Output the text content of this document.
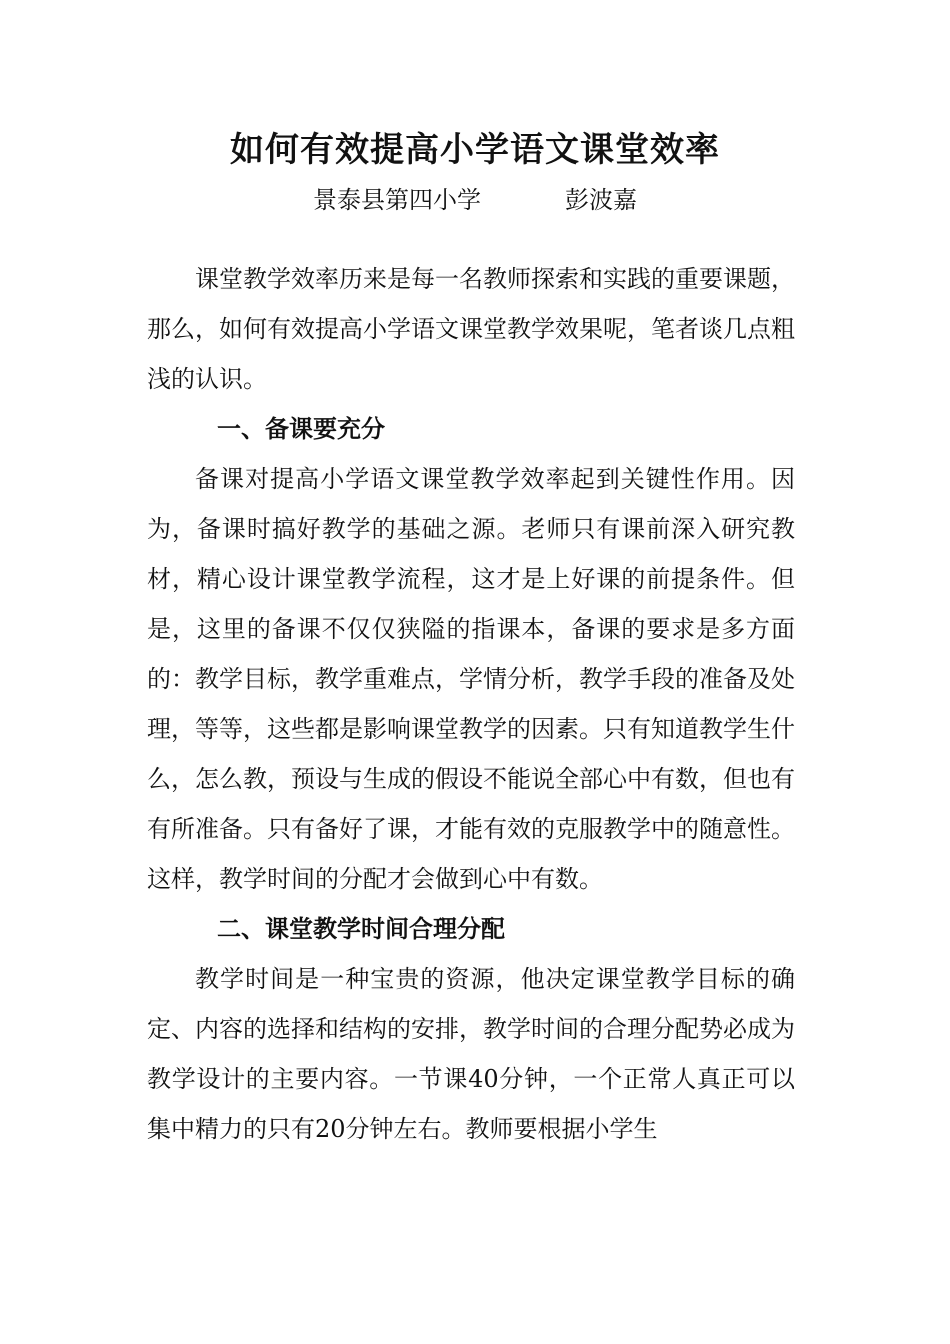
如何有效提高小学语文课堂效率
景泰县第四小学	彭波嘉

课堂教学效率历来是每一名教师探索和实践的重要课题，那么，如何有效提高小学语文课堂教学效果呢，笔者谈几点粗浅的认识。

一、备课要充分

备课对提高小学语文课堂教学效率起到关键性作用。因为，备课时搞好教学的基础之源。老师只有课前深入研究教材，精心设计课堂教学流程，这才是上好课的前提条件。但是，这里的备课不仅仅狭隘的指课本，备课的要求是多方面的：教学目标，教学重难点，学情分析，教学手段的准备及处理，等等，这些都是影响课堂教学的因素。只有知道教学生什么，怎么教，预设与生成的假设不能说全部心中有数，但也有有所准备。只有备好了课，才能有效的克服教学中的随意性。这样，教学时间的分配才会做到心中有数。

二、课堂教学时间合理分配

教学时间是一种宝贵的资源，他决定课堂教学目标的确定、内容的选择和结构的安排，教学时间的合理分配势必成为教学设计的主要内容。一节课40分钟，一个正常人真正可以集中精力的只有20分钟左右。教师要根据小学生
